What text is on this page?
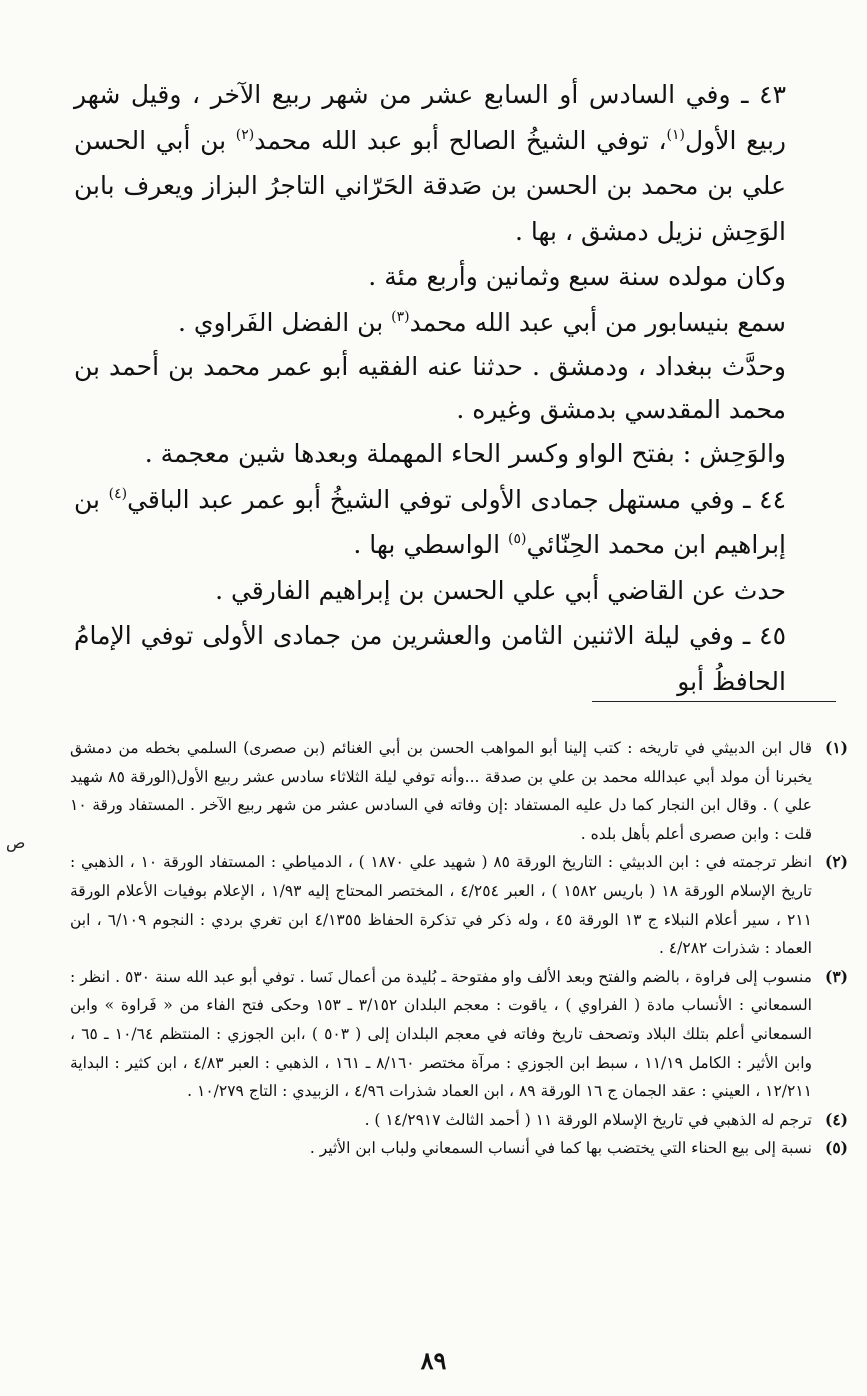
٤٣ ـ وفي السادس أو السابع عشر من شهر ربيع الآخر ، وقيل شهر ربيع الأول$^{(١)}$، توفي الشيخُ الصالح أبو عبد الله محمد$^{(٢)}$ بن أبي الحسن علي بن محمد بن الحسن بن صَدقة الحَرّاني التاجرُ البزاز ويعرف بابن الوَحِش نزيل دمشق ، بها .

وكان مولده سنة سبع وثمانين وأربع مئة .

سمع بنيسابور من أبي عبد الله محمد$^{(٣)}$ بن الفضل الفَراوي .

وحدَّث ببغداد ، ودمشق . حدثنا عنه الفقيه أبو عمر محمد بن أحمد بن محمد المقدسي بدمشق وغيره .

والوَحِش : بفتح الواو وكسر الحاء المهملة وبعدها شين معجمة .

٤٤ ـ وفي مستهل جمادى الأولى توفي الشيخُ أبو عمر عبد الباقي$^{(٤)}$ بن إبراهيم ابن محمد الحِنّائي$^{(٥)}$ الواسطي بها .

حدث عن القاضي أبي علي الحسن بن إبراهيم الفارقي .

٤٥ ـ وفي ليلة الاثنين الثامن والعشرين من جمادى الأولى توفي الإمامُ الحافظُ أبو

(١)
قال ابن الدبيثي في تاريخه : كتب إلينا أبو المواهب الحسن بن أبي الغنائم (بن صصرى) السلمي بخطه من دمشق يخبرنا أن مولد أبي عبدالله محمد بن علي بن صدقة ...وأنه توفي ليلة الثلاثاء سادس عشر ربيع الأول(الورقة ٨٥ شهيد علي ) . وقال ابن النجار كما دل عليه المستفاد :إن وفاته في السادس عشر من شهر ربيع الآخر . المستفاد ورقة ١٠ قلت : وابن صصرى أعلم بأهل بلده .
(٢)
انظر ترجمته في : ابن الدبيثي : التاريخ الورقة ٨٥ ( شهيد علي ١٨٧٠ ) ، الدمياطي : المستفاد الورقة ١٠ ، الذهبي : تاريخ الإسلام الورقة ١٨ ( باريس ١٥٨٢ ) ، العبر ٤/٢٥٤ ، المختصر المحتاج إليه ١/٩٣ ، الإعلام بوفيات الأعلام الورقة ٢١١ ، سير أعلام النبلاء ج ١٣ الورقة ٤٥ ، وله ذكر في تذكرة الحفاظ ٤/١٣٥٥ ابن تغري بردي : النجوم ٦/١٠٩ ، ابن العماد : شذرات ٤/٢٨٢ .
(٣)
منسوب إلى فراوة ، بالضم والفتح وبعد الألف واو مفتوحة ـ بُليدة من أعمال نَسا . توفي أبو عبد الله سنة ٥٣٠ . انظر : السمعاني : الأنساب مادة ( الفراوي ) ، ياقوت : معجم البلدان ٣/١٥٢ ـ ١٥٣ وحكى فتح الفاء من « فَراوة » وابن السمعاني أعلم بتلك البلاد وتصحف تاريخ وفاته في معجم البلدان إلى ( ٥٠٣ ) ،ابن الجوزي : المنتظم ١٠/٦٤ ـ ٦٥ ، وابن الأثير : الكامل ١١/١٩ ، سبط ابن الجوزي : مرآة مختصر ٨/١٦٠ ـ ١٦١ ، الذهبي : العبر ٤/٨٣ ، ابن كثير : البداية ١٢/٢١١ ، العيني : عقد الجمان ج ١٦ الورقة ٨٩ ، ابن العماد شذرات ٤/٩٦ ، الزبيدي : التاج ١٠/٢٧٩ .
(٤)
ترجم له الذهبي في تاريخ الإسلام الورقة ١١ ( أحمد الثالث ١٤/٢٩١٧ ) .
(٥)
نسبة إلى بيع الحناء التي يختضب بها كما في أنساب السمعاني ولباب ابن الأثير .
ص
٨٩
